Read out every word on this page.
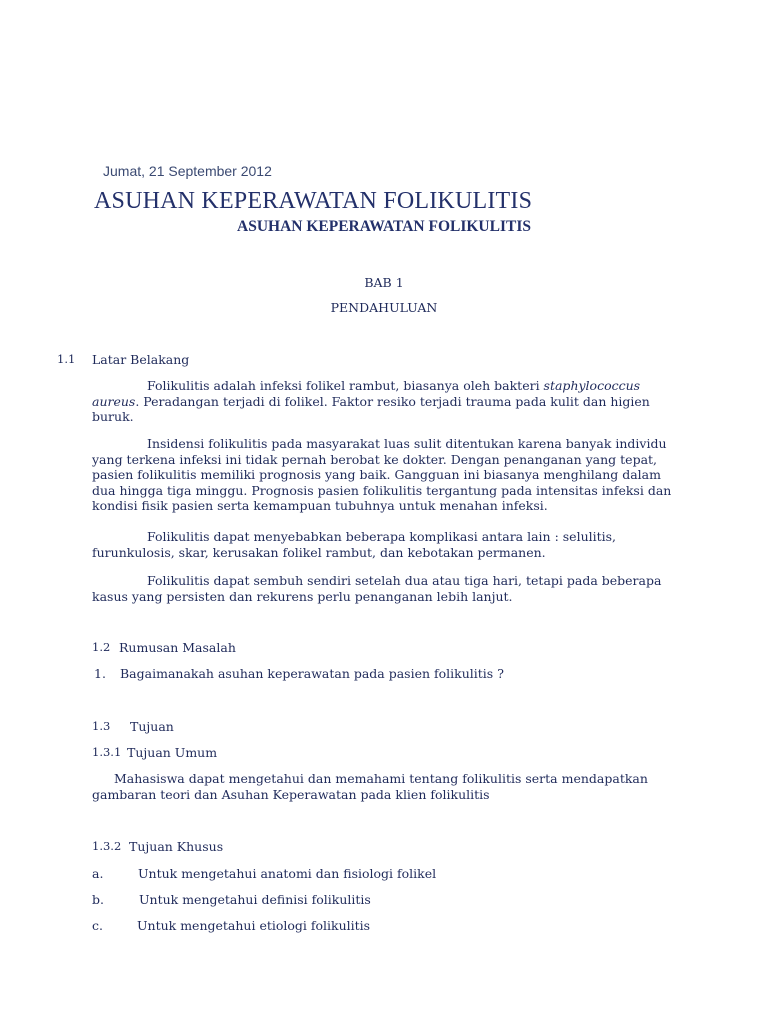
Jumat, 21 September 2012
ASUHAN KEPERAWATAN FOLIKULITIS
ASUHAN KEPERAWATAN FOLIKULITIS
BAB 1
PENDAHULUAN
1.1 Latar Belakang
Folikulitis adalah infeksi folikel rambut, biasanya oleh bakteri staphylococcus aureus. Peradangan terjadi di folikel. Faktor resiko terjadi trauma pada kulit dan higien buruk.
Insidensi folikulitis pada masyarakat luas sulit ditentukan karena banyak individu yang terkena infeksi ini tidak pernah berobat ke dokter. Dengan penanganan yang tepat, pasien folikulitis memiliki prognosis yang baik. Gangguan ini biasanya menghilang dalam dua hingga tiga minggu. Prognosis pasien folikulitis tergantung pada intensitas infeksi dan kondisi fisik pasien serta kemampuan tubuhnya untuk menahan infeksi.
Folikulitis dapat menyebabkan beberapa komplikasi antara lain : selulitis, furunkulosis, skar, kerusakan folikel rambut, dan kebotakan permanen.
Folikulitis dapat sembuh sendiri setelah dua atau tiga hari, tetapi pada beberapa kasus yang persisten dan rekurens perlu penanganan lebih lanjut.
1.2 Rumusan Masalah
1. Bagaimanakah asuhan keperawatan pada pasien folikulitis ?
1.3 Tujuan
1.3.1 Tujuan Umum
Mahasiswa dapat mengetahui dan memahami tentang folikulitis serta mendapatkan gambaran teori dan Asuhan Keperawatan pada klien folikulitis
1.3.2 Tujuan Khusus
a.	Untuk mengetahui anatomi dan fisiologi folikel
b.	Untuk mengetahui definisi folikulitis
c.	Untuk mengetahui etiologi folikulitis
